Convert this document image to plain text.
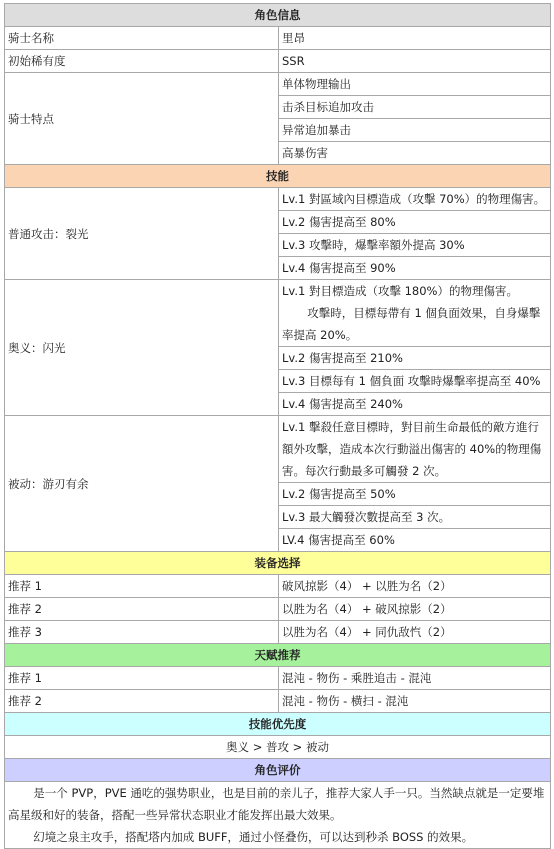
角色信息	
骑士名称	里昂
初始稀有度	SSR
骑士特点	单体物理输出
	击杀目标追加攻击
	异常追加暴击
	高暴伤害
技能	
普通攻击：裂光	Lv.1 對區域內目標造成（攻擊 70%）的物理傷害。
	Lv.2 傷害提高至 80%
	Lv.3 攻擊時，爆擊率額外提高 30%
	Lv.4 傷害提高至 90%
奥义：闪光	Lv.1 對目標造成（攻擊 180%）的物理傷害。
攻擊時，目標每帶有 1 個負面效果，自身爆擊率提高 20%。

	Lv.2 傷害提高至 210%
	Lv.3 目標每有 1 個負面 攻擊時爆擊率提高至 40%
	Lv.4 傷害提高至 240%
被动：游刃有余	Lv.1 擊殺任意目標時，對目前生命最低的敵方進行額外攻擊，造成本次行動溢出傷害的 40%的物理傷害。每次行動最多可觸發 2 次。
	Lv.2 傷害提高至 50%
	Lv.3 最大觸發次數提高至 3 次。
	LV.4 傷害提高至 60%
装备选择	
推荐 1	破风掠影（4） + 以胜为名（2）
推荐 2	以胜为名（4） + 破风掠影（2）
推荐 3	以胜为名（4） + 同仇敌忾（2）
天赋推荐	
推荐 1	混沌 - 物伤 - 乘胜追击 - 混沌
推荐 2	混沌 - 物伤 - 横扫 - 混沌
技能优先度	
奥义 > 普攻 > 被动	
角色评价	

是一个 PVP，PVE 通吃的强势职业，也是目前的亲儿子，推荐大家人手一只。当然缺点就是一定要堆高星级和好的装备，搭配一些异常状态职业才能发挥出最大效果。
幻境之泉主攻手，搭配塔内加成 BUFF，通过小怪叠伤，可以达到秒杀 BOSS 的效果。	
